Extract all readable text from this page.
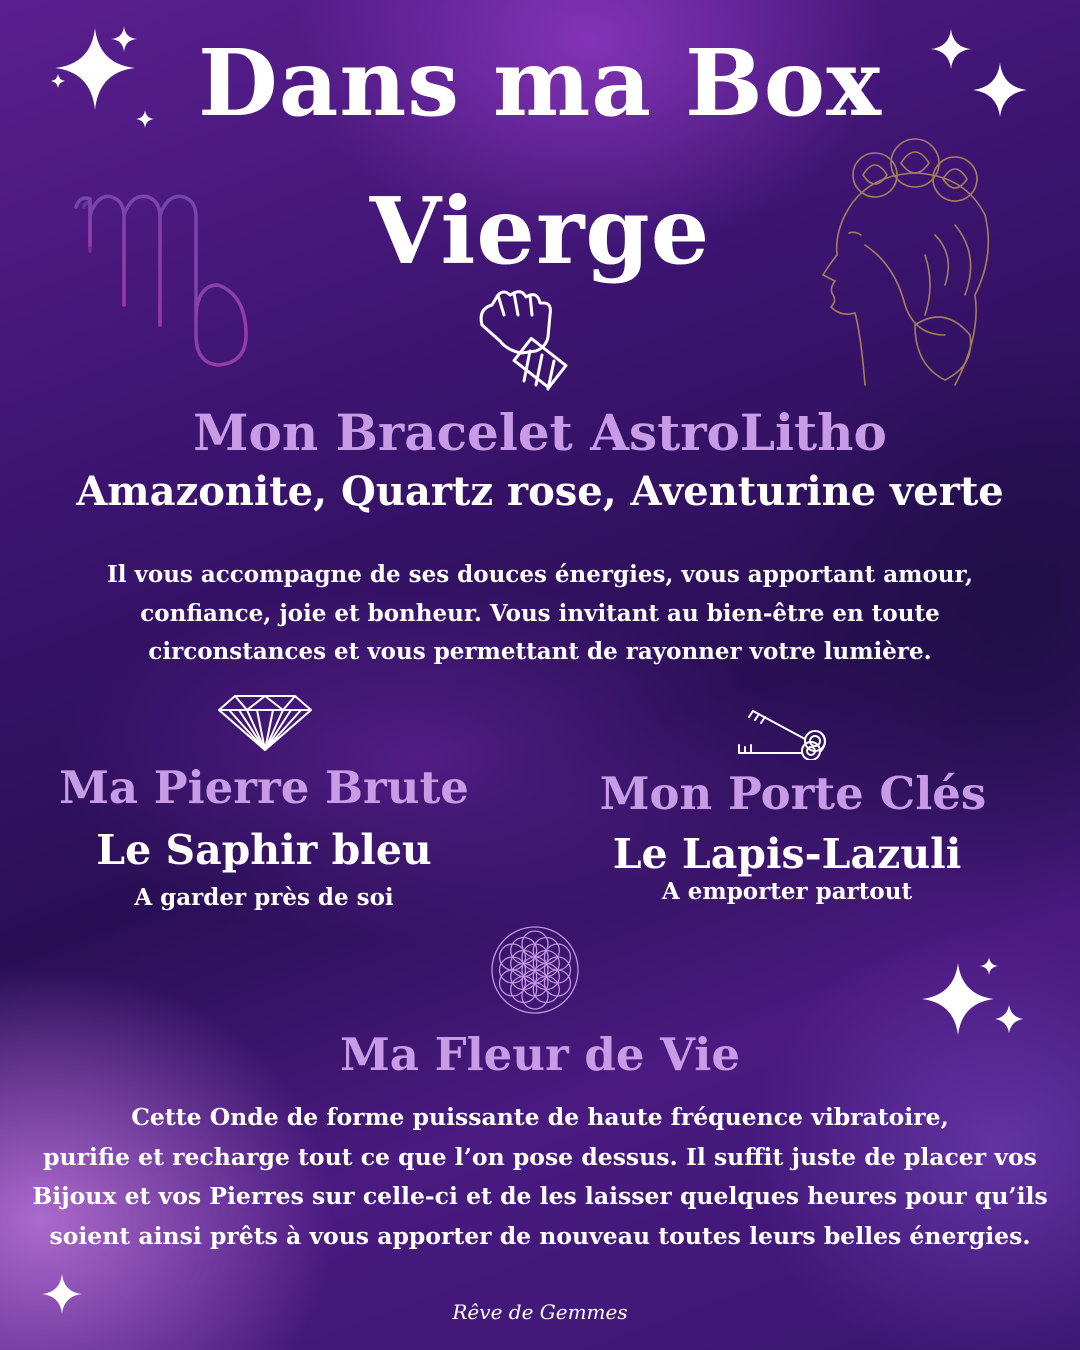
Dans ma Box
Vierge
Mon Bracelet AstroLitho
Amazonite, Quartz rose, Aventurine verte
Il vous accompagne de ses douces énergies, vous apportant amour,
confiance, joie et bonheur. Vous invitant au bien-être en toute
circonstances et vous permettant de rayonner votre lumière.
Ma Pierre Brute
Le Saphir bleu
A garder près de soi
Mon Porte Clés
Le Lapis-Lazuli
A emporter partout
Ma Fleur de Vie
Cette Onde de forme puissante de haute fréquence vibratoire,
purifie et recharge tout ce que l’on pose dessus. Il suffit juste de placer vos
Bijoux et vos Pierres sur celle-ci et de les laisser quelques heures pour qu’ils
soient ainsi prêts à vous apporter de nouveau toutes leurs belles énergies.
Rêve de Gemmes
